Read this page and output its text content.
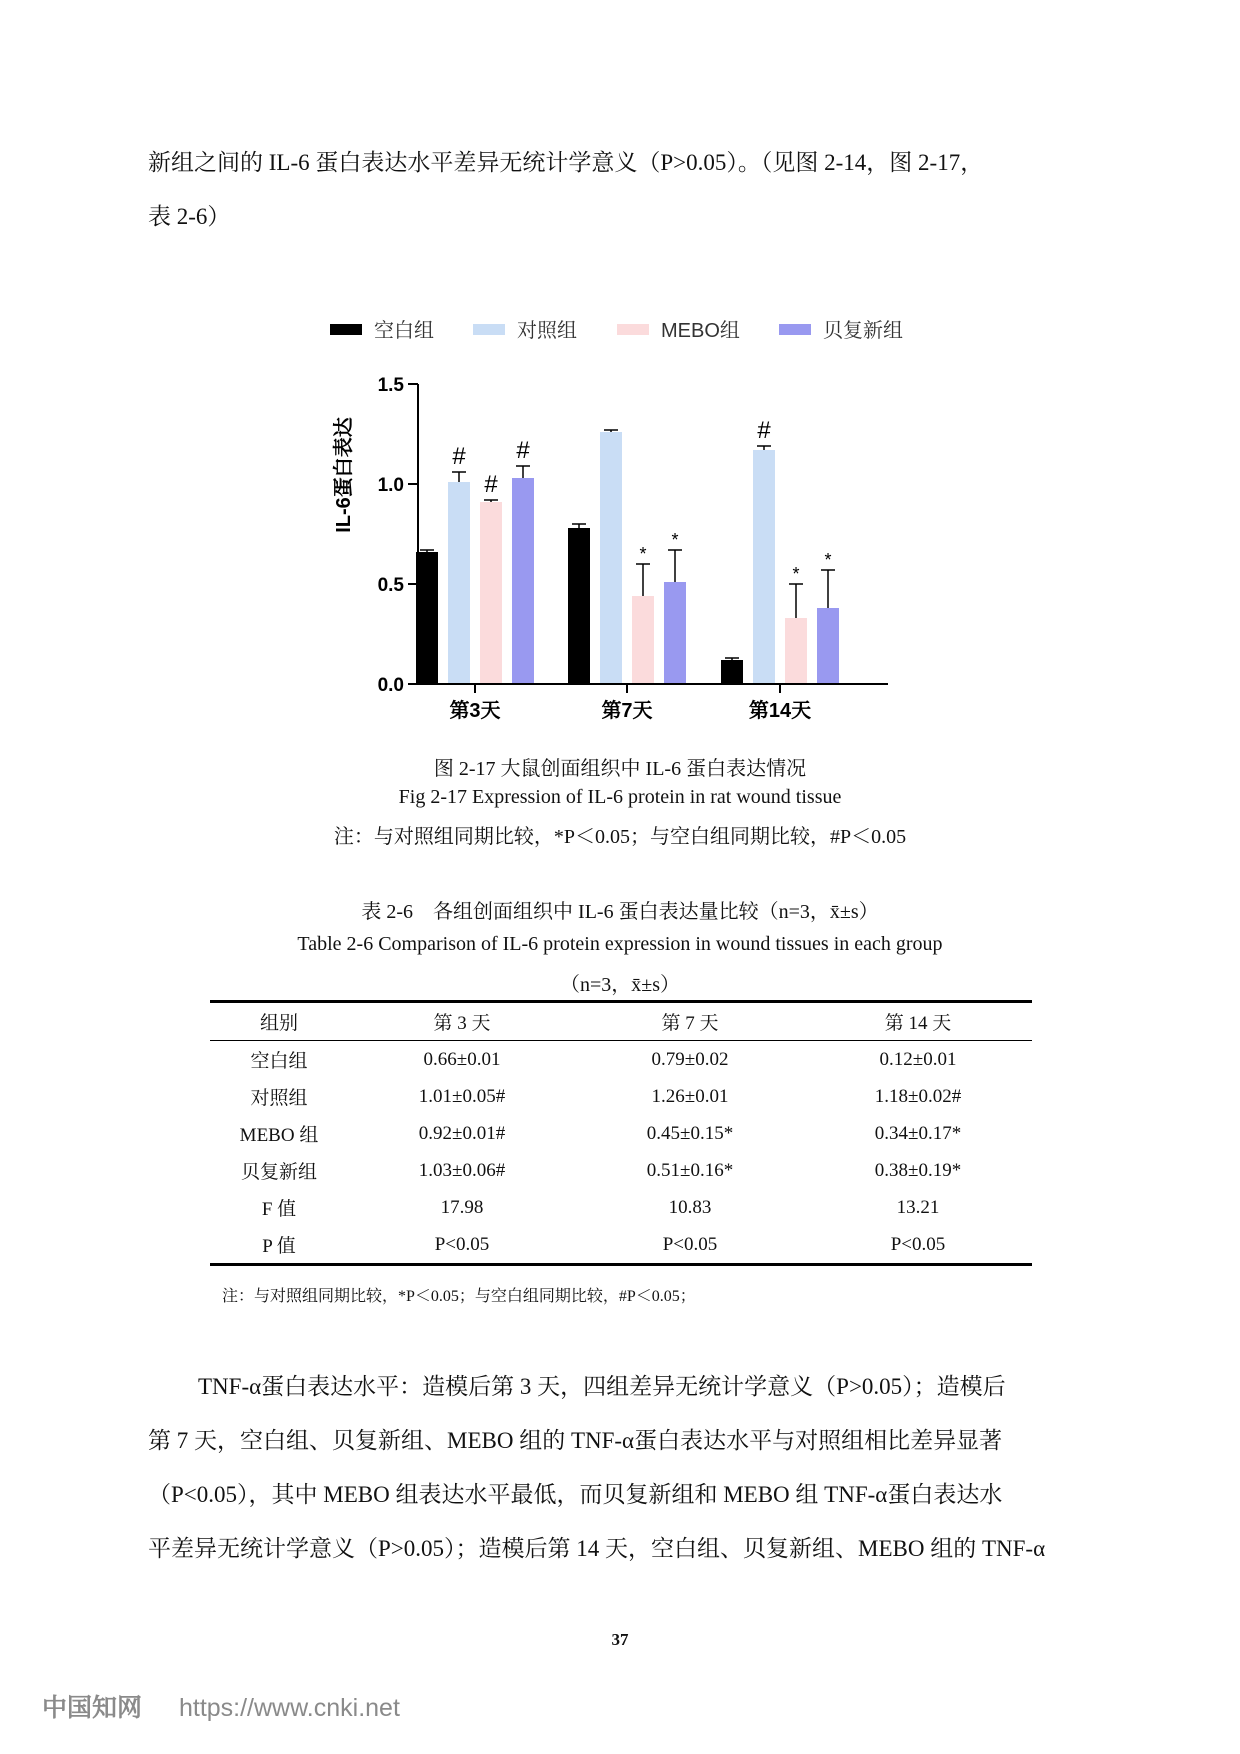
新组之间的 IL-6 蛋白表达水平差异无统计学意义（P>0.05）。（见图 2-14，图 2-17，
表 2-6）

空白组	对照组	MEBO组	贝复新组
IL-6蛋白表达
0.0
0.5
1.0
1.5
#
#
#
*
*
#
*
*
第3天	第7天	第14天

图 2-17 大鼠创面组织中 IL-6 蛋白表达情况

Fig 2-17 Expression of IL-6 protein in rat wound tissue

注：与对照组同期比较，*P＜0.05；与空白组同期比较，#P＜0.05

表 2-6　各组创面组织中 IL-6 蛋白表达量比较（n=3，x̄±s）

Table 2-6 Comparison of IL-6 protein expression in wound tissues in each group

（n=3，x̄±s）

组别	第 3 天	第 7 天	第 14 天
空白组	0.66±0.01	0.79±0.02	0.12±0.01
对照组	1.01±0.05#	1.26±0.01	1.18±0.02#
MEBO 组	0.92±0.01#	0.45±0.15*	0.34±0.17*
贝复新组	1.03±0.06#	0.51±0.16*	0.38±0.19*
F 值	17.98	10.83	13.21
P 值	P<0.05	P<0.05	P<0.05

注：与对照组同期比较，*P＜0.05；与空白组同期比较，#P＜0.05；

TNF-α蛋白表达水平：造模后第 3 天，四组差异无统计学意义（P>0.05）；造模后
第 7 天，空白组、贝复新组、MEBO 组的 TNF-α蛋白表达水平与对照组相比差异显著
（P<0.05），其中 MEBO 组表达水平最低，而贝复新组和 MEBO 组 TNF-α蛋白表达水
平差异无统计学意义（P>0.05）；造模后第 14 天，空白组、贝复新组、MEBO 组的 TNF-α

37

中国知网 https://www.cnki.net
